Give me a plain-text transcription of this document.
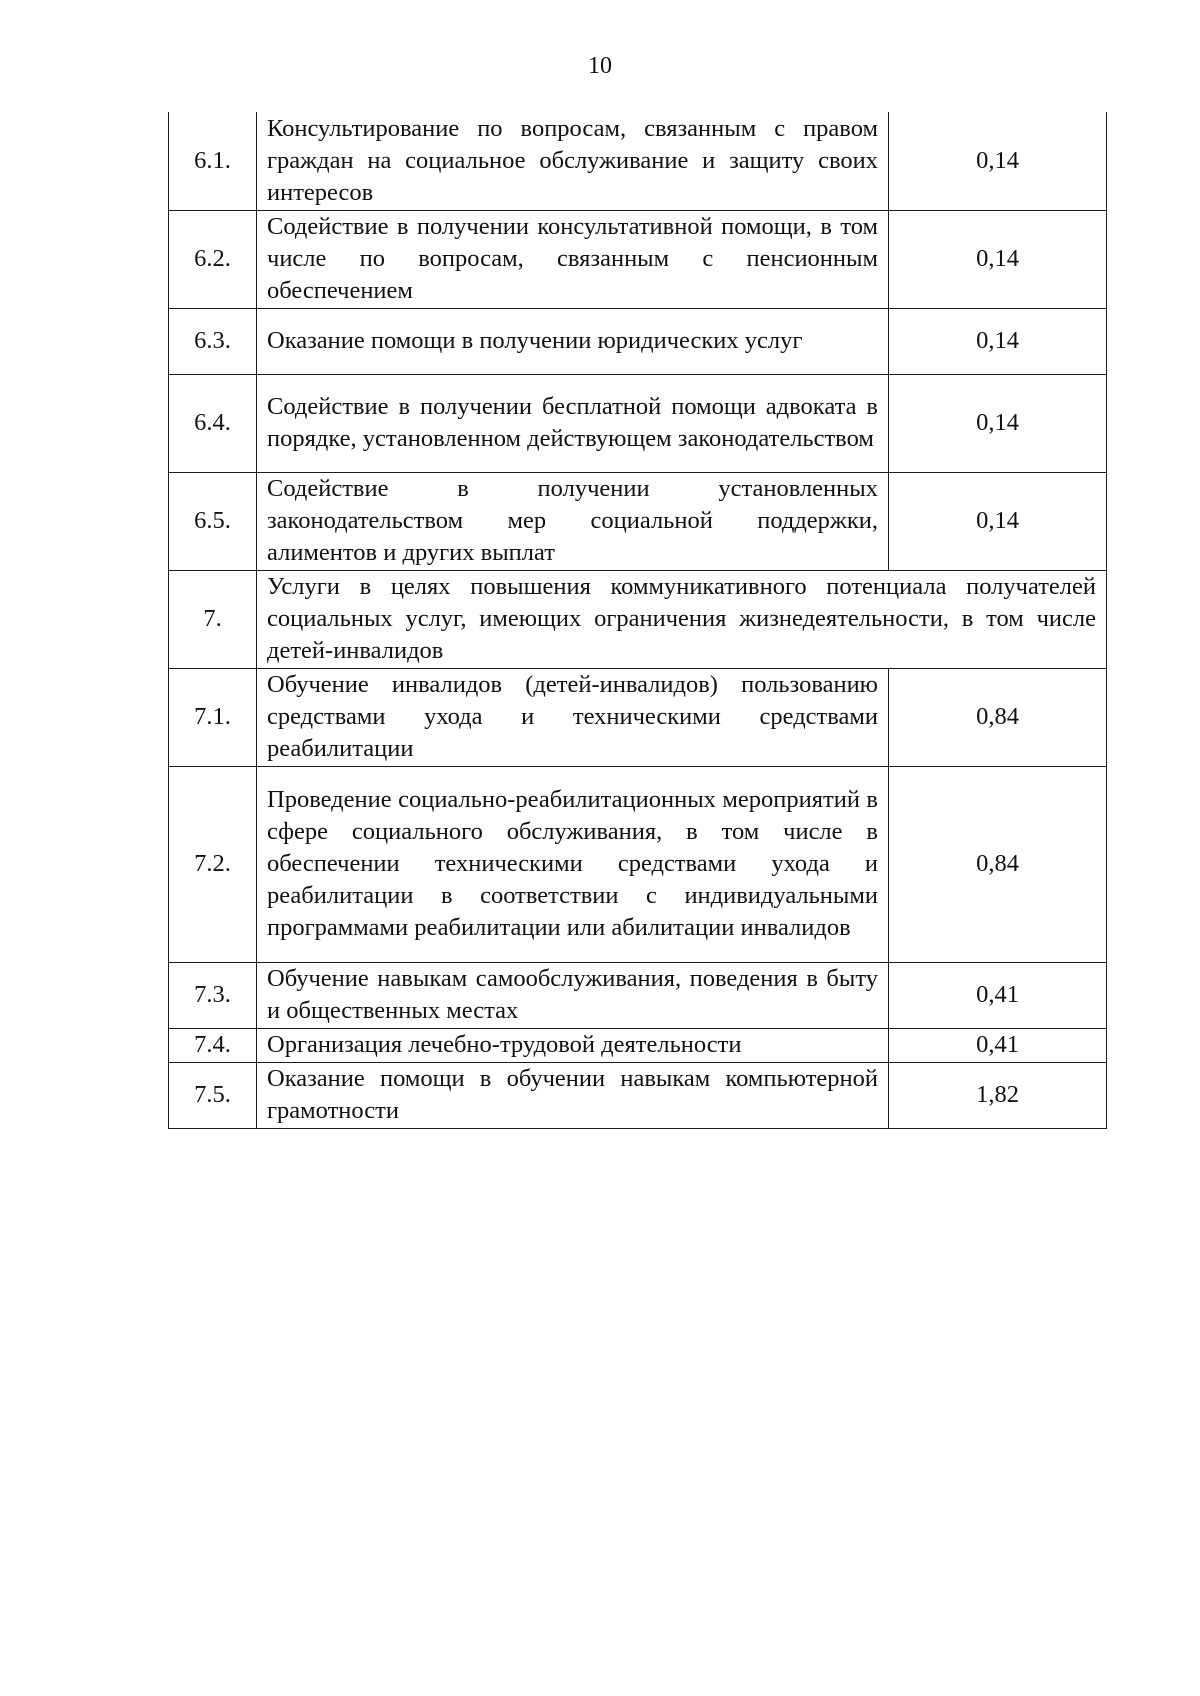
10
6.1.	Консультирование по вопросам, связанным с правом граждан на социальное обслуживание и защиту своих интересов	0,14
6.2.	Содействие в получении консультативной помощи, в том числе по вопросам, связанным с пенсионным обеспечением	0,14
6.3.	Оказание помощи в получении юридических услуг	0,14
6.4.	Содействие в получении бесплатной помощи адвоката в порядке, установленном действующем законодательством	0,14
6.5.	Содействие в получении установленных законодательством мер социальной поддержки, алиментов и других выплат	0,14
7.	Услуги в целях повышения коммуникативного потенциала получателей социальных услуг, имеющих ограничения жизнедеятельности, в том числе детей-инвалидов	
7.1.	Обучение инвалидов (детей-инвалидов) пользованию средствами ухода и техническими средствами реабилитации	0,84
7.2.	Проведение социально-реабилитационных мероприятий в сфере социального обслуживания, в том числе в обеспечении техническими средствами ухода и реабилитации в соответствии с индивидуальными программами реабилитации или абилитации инвалидов	0,84
7.3.	Обучение навыкам самообслуживания, поведения в быту и общественных местах	0,41
7.4.	Организация лечебно-трудовой деятельности	0,41
7.5.	Оказание помощи в обучении навыкам компьютерной грамотности	1,82
